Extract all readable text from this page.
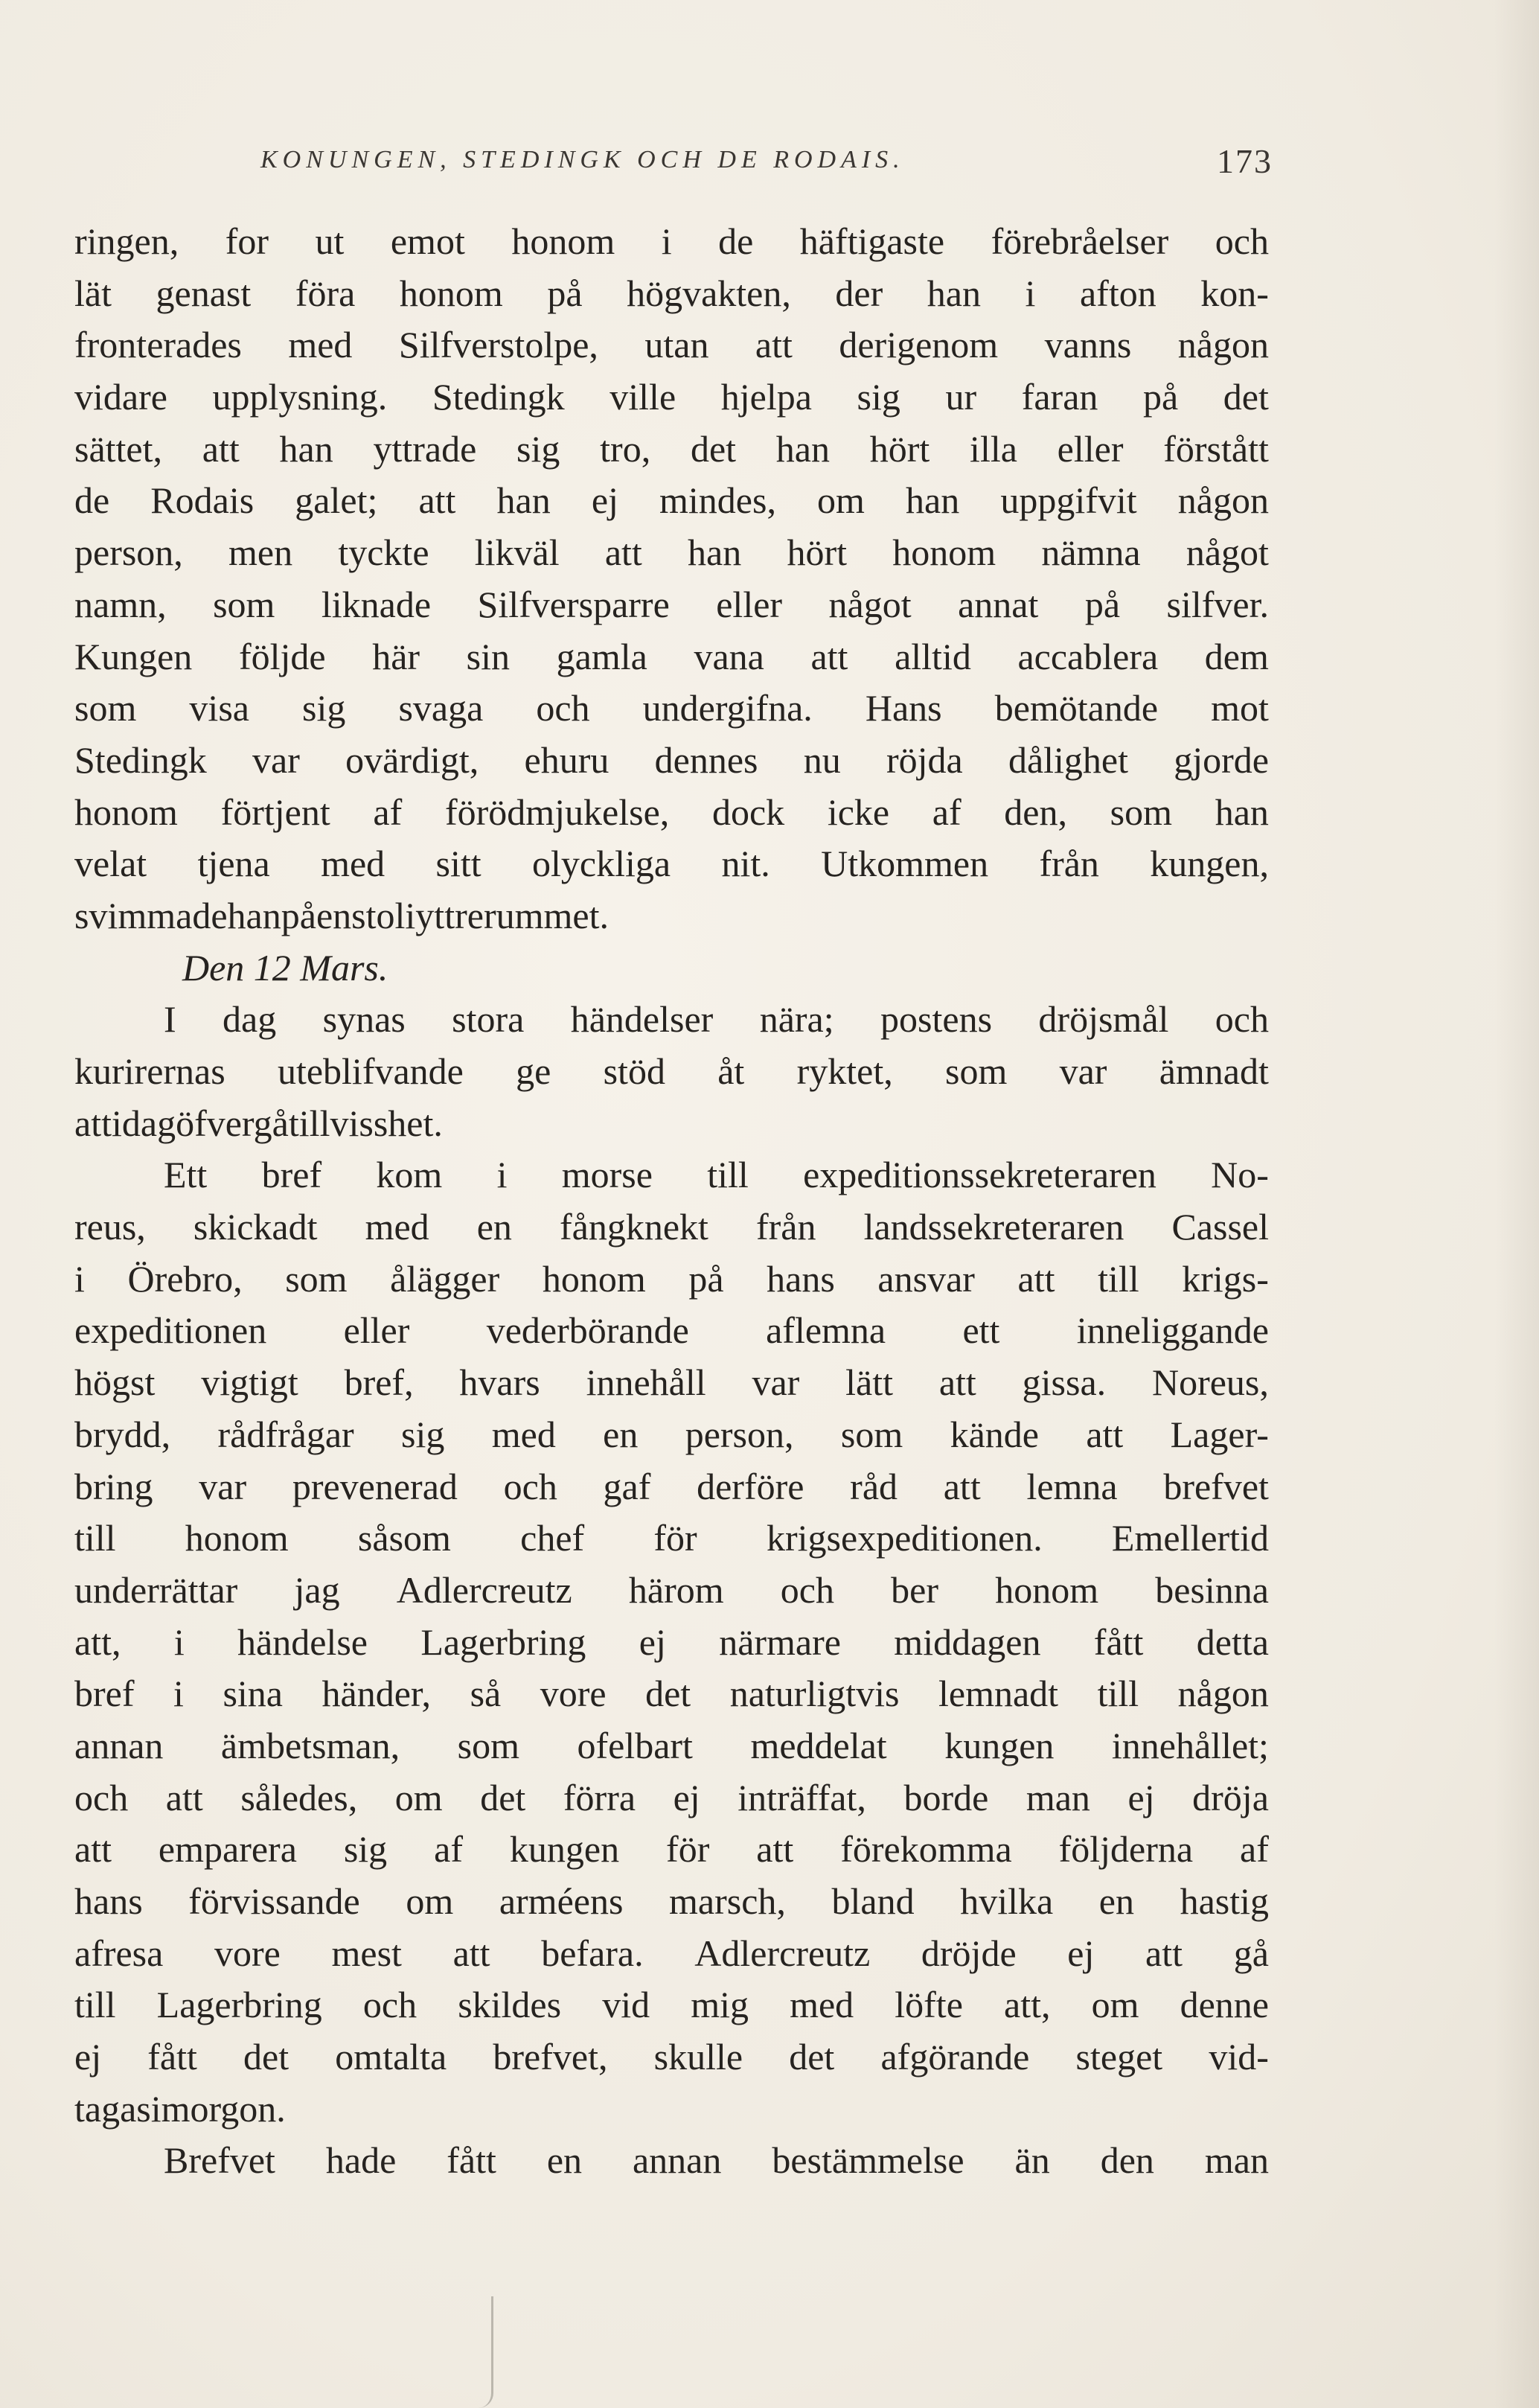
KONUNGEN, STEDINGK OCH DE RODAIS.	173
ringen, for ut emot honom i de häftigaste förebråelser och
lät genast föra honom på högvakten, der han i afton kon-
fronterades med Silfverstolpe, utan att derigenom vanns någon
vidare upplysning. Stedingk ville hjelpa sig ur faran på det
sättet, att han yttrade sig tro, det han hört illa eller förstått
de Rodais galet; att han ej mindes, om han uppgifvit någon
person, men tyckte likväl att han hört honom nämna något
namn, som liknade Silfversparre eller något annat på silfver.
Kungen följde här sin gamla vana att alltid accablera dem
som visa sig svaga och undergifna. Hans bemötande mot
Stedingk var ovärdigt, ehuru dennes nu röjda dålighet gjorde
honom förtjent af förödmjukelse, dock icke af den, som han
velat tjena med sitt olyckliga nit. Utkommen från kungen,
svimmade han på en stol i yttre rummet.
Den 12 Mars.
I dag synas stora händelser nära; postens dröjsmål och
kurirernas uteblifvande ge stöd åt ryktet, som var ämnadt
att i dag öfvergå till visshet.
Ett bref kom i morse till expeditionssekreteraren No-
reus, skickadt med en fångknekt från landssekreteraren Cassel
i Örebro, som ålägger honom på hans ansvar att till krigs-
expeditionen eller vederbörande aflemna ett inneliggande
högst vigtigt bref, hvars innehåll var lätt att gissa. Noreus,
brydd, rådfrågar sig med en person, som kände att Lager-
bring var prevenerad och gaf derföre råd att lemna brefvet
till honom såsom chef för krigsexpeditionen. Emellertid
underrättar jag Adlercreutz härom och ber honom besinna
att, i händelse Lagerbring ej närmare middagen fått detta
bref i sina händer, så vore det naturligtvis lemnadt till någon
annan ämbetsman, som ofelbart meddelat kungen innehållet;
och att således, om det förra ej inträffat, borde man ej dröja
att emparera sig af kungen för att förekomma följderna af
hans förvissande om arméens marsch, bland hvilka en hastig
afresa vore mest att befara. Adlercreutz dröjde ej att gå
till Lagerbring och skildes vid mig med löfte att, om denne
ej fått det omtalta brefvet, skulle det afgörande steget vid-
tagas i morgon.
Brefvet hade fått en annan bestämmelse än den man
